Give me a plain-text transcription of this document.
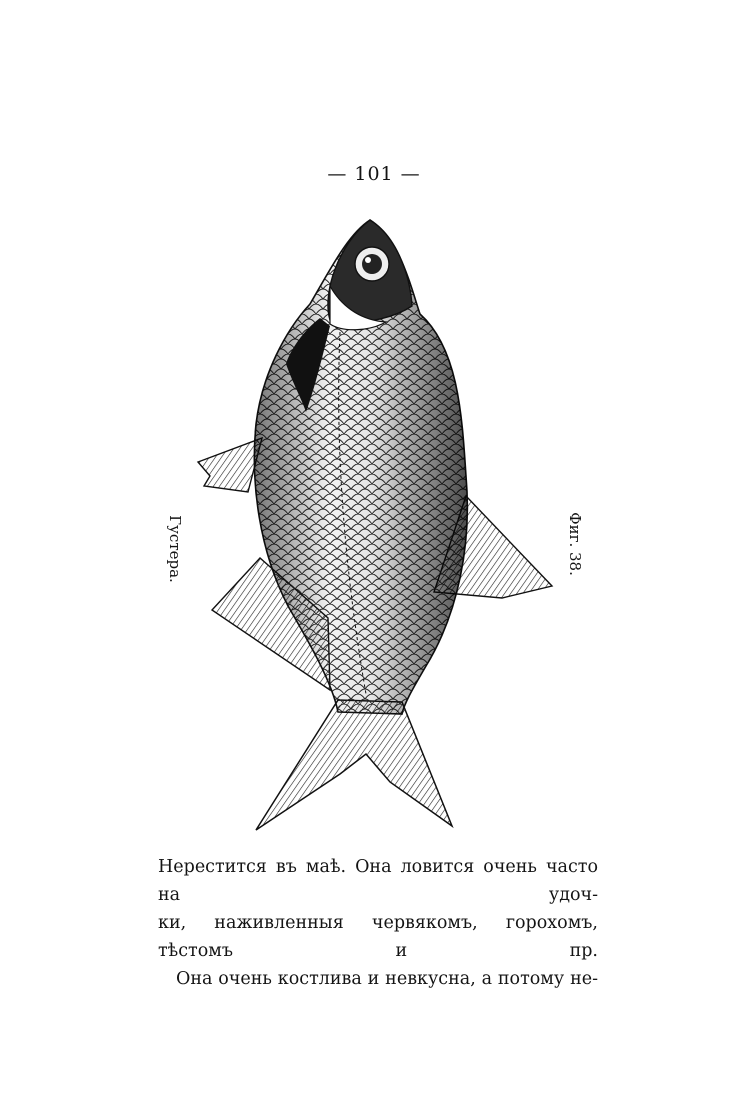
— 101 —
Густера.	Фиг. 38.

Нерестится въ маѣ. Она ловится очень часто на удоч-

ки, наживленныя червякомъ, горохомъ, тѣстомъ и пр.

Она очень костлива и невкусна, а потому не-
